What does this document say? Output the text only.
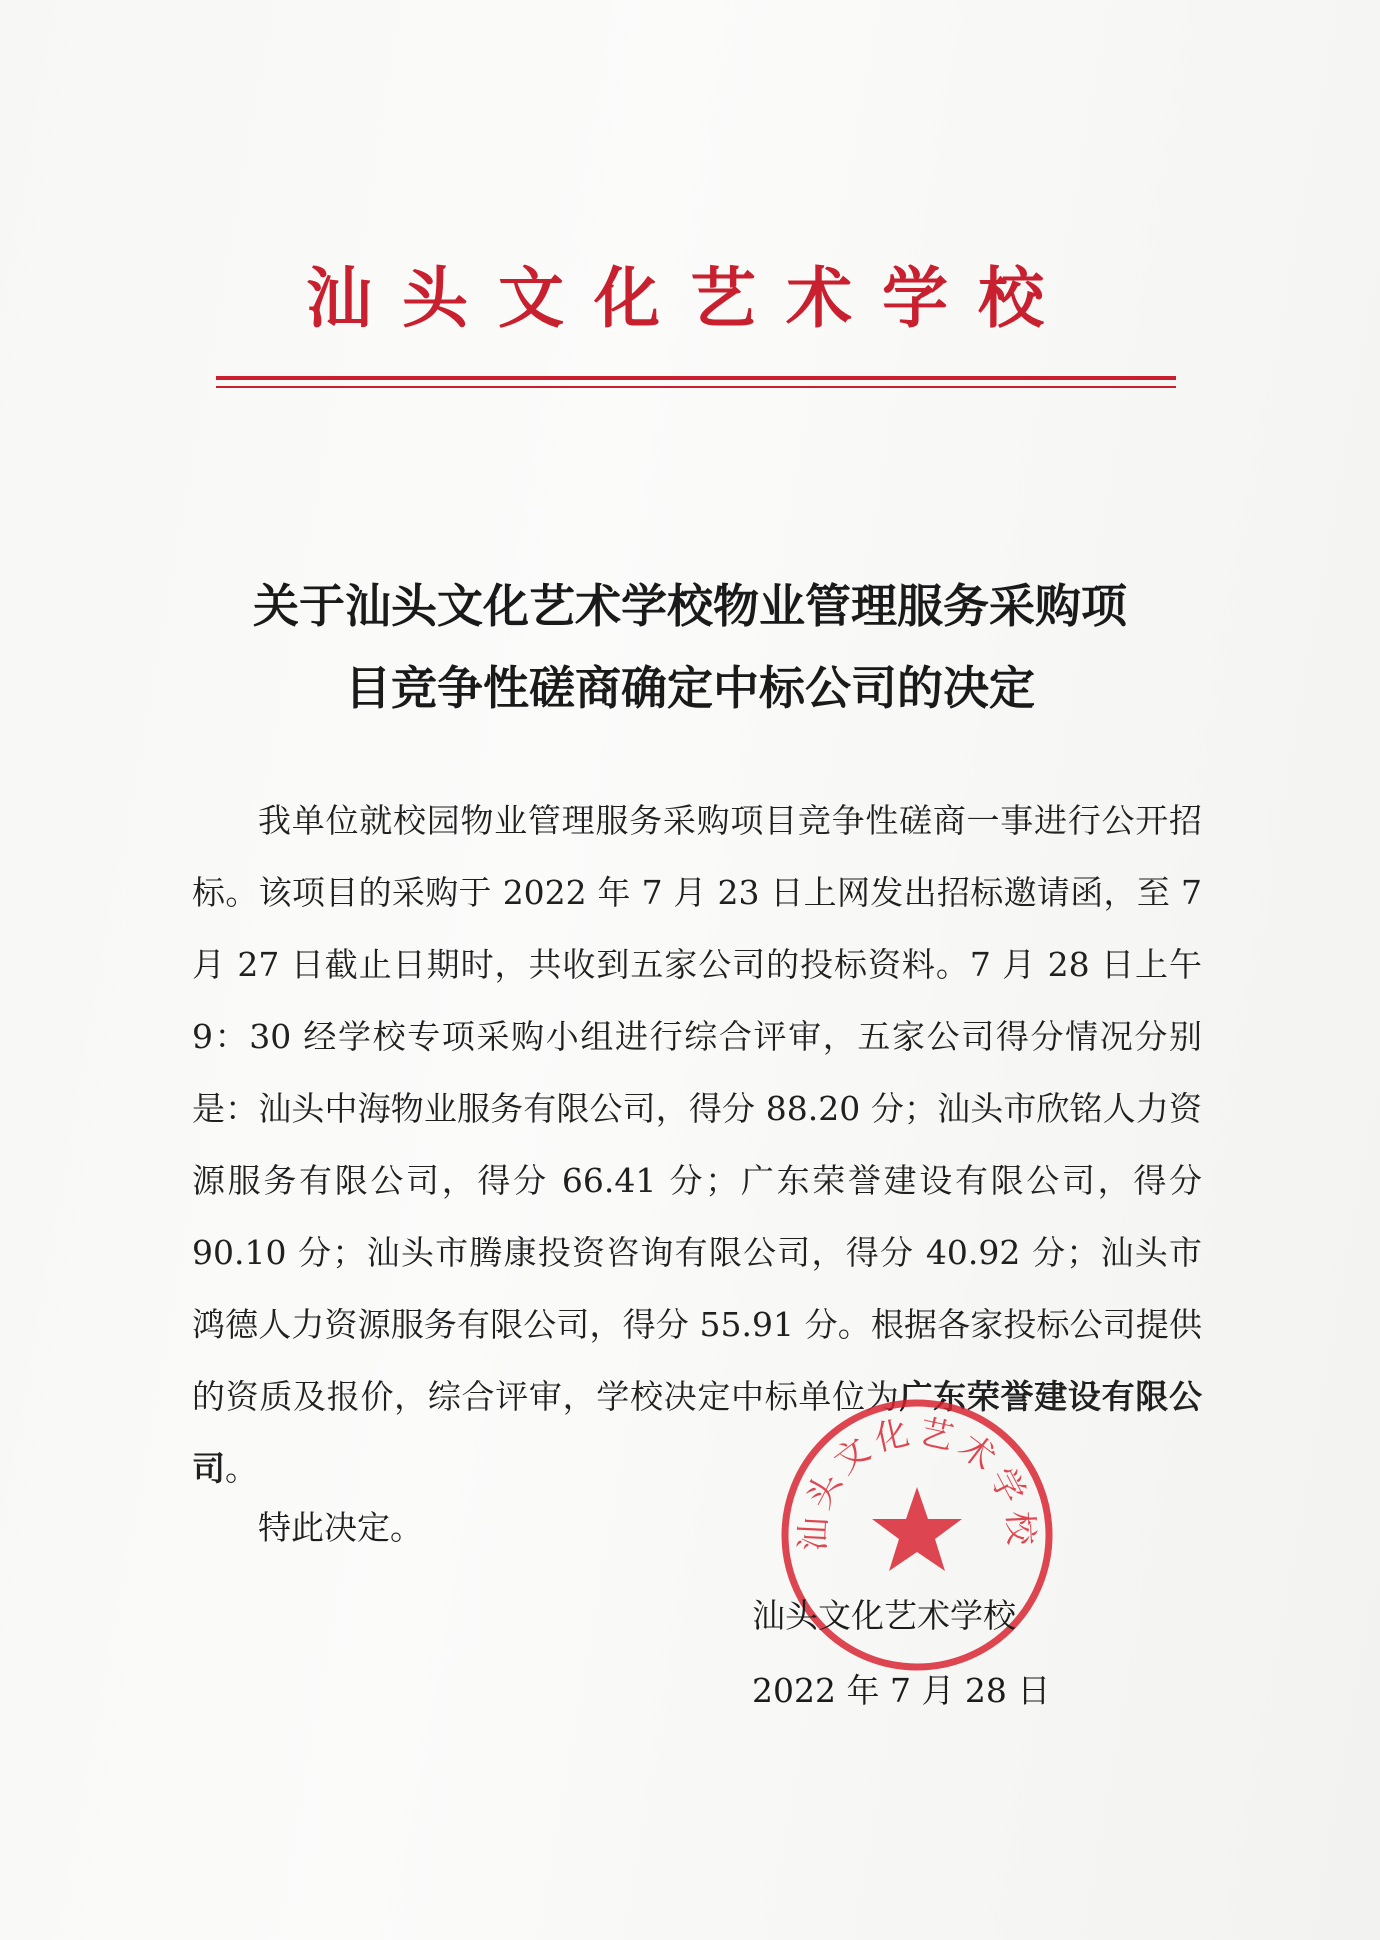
汕头文化艺术学校
关于汕头文化艺术学校物业管理服务采购项
目竞争性磋商确定中标公司的决定
我单位就校园物业管理服务采购项目竞争性磋商一事进行公开招标。该项目的采购于 2022 年 7 月 23 日上网发出招标邀请函，至 7 月 27 日截止日期时，共收到五家公司的投标资料。7 月 28 日上午 9：30 经学校专项采购小组进行综合评审，五家公司得分情况分别是：汕头中海物业服务有限公司，得分 88.20 分；汕头市欣铭人力资源服务有限公司，得分 66.41 分；广东荣誉建设有限公司，得分 90.10 分；汕头市腾康投资咨询有限公司，得分 40.92 分；汕头市鸿德人力资源服务有限公司，得分 55.91 分。根据各家投标公司提供的资质及报价，综合评审，学校决定中标单位为广东荣誉建设有限公司。
特此决定。	汕头文化艺术学校
汕头文化艺术学校
2022 年 7 月 28 日
